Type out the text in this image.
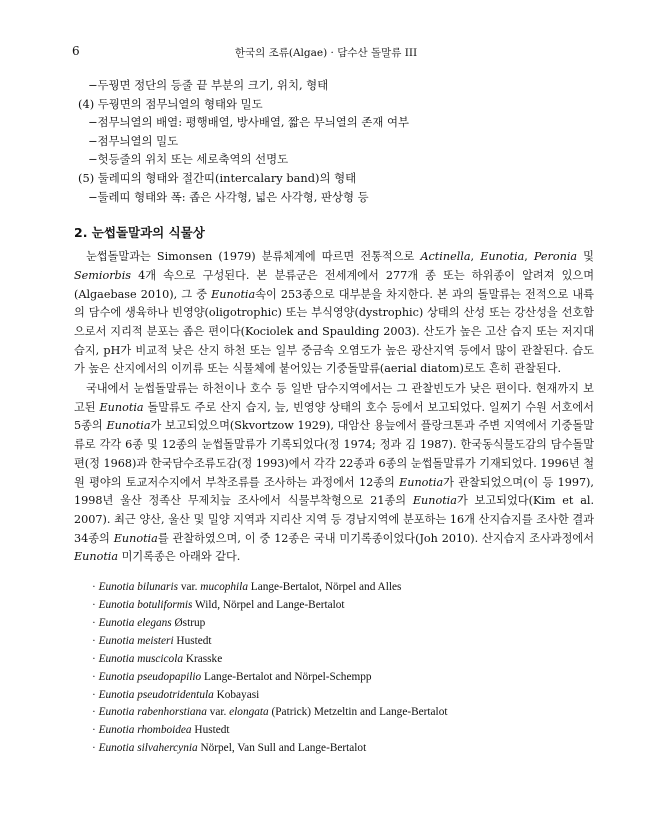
6	한국의 조류(Algae) · 담수산 돌말류 III
−두꿩면 정단의 등줄 끝 부분의 크기, 위치, 형태
(4) 두꿩면의 점무늬열의 형태와 밀도
−점무늬열의 배열: 평행배열, 방사배열, 짧은 무늬열의 존재 여부
−점무늬열의 밀도
−헛등줄의 위치 또는 세로축역의 선명도
(5) 둘레띠의 형태와 절간띠(intercalary band)의 형태
−둘레띠 형태와 폭: 좁은 사각형, 넓은 사각형, 판상형 등
2. 눈썹돌말과의 식물상

눈썹돌말과는 Simonsen (1979) 분류체계에 따르면 전통적으로 Actinella, Eunotia, Peronia 및 Semiorbis 4개 속으로 구성된다. 본 분류군은 전세계에서 277개 종 또는 하위종이 알려져 있으며(Algaebase 2010), 그 중 Eunotia속이 253종으로 대부분을 차지한다. 본 과의 돌말류는 전적으로 내륙의 담수에 생육하나 빈영양(oligotrophic) 또는 부식영양(dystrophic) 상태의 산성 또는 강산성을 선호함으로서 지리적 분포는 좁은 편이다(Kociolek and Spaulding 2003). 산도가 높은 고산 습지 또는 저지대 습지, pH가 비교적 낮은 산지 하천 또는 일부 중금속 오염도가 높은 광산지역 등에서 많이 관찰된다. 습도가 높은 산지에서의 이끼류 또는 식물체에 붙어있는 기중돌말류(aerial diatom)로도 흔히 관찰된다.

국내에서 눈썹돌말류는 하천이나 호수 등 일반 담수지역에서는 그 관찰빈도가 낮은 편이다. 현재까지 보고된 Eunotia 돌말류도 주로 산지 습지, 늪, 빈영양 상태의 호수 등에서 보고되었다. 일찌기 수원 서호에서 5종의 Eunotia가 보고되었으며(Skvortzow 1929), 대암산 용늪에서 플랑크톤과 주변 지역에서 기중돌말류로 각각 6종 및 12종의 눈썹돌말류가 기록되었다(정 1974; 정과 김 1987). 한국동식물도감의 담수돌말편(정 1968)과 한국담수조류도감(정 1993)에서 각각 22종과 6종의 눈썹돌말류가 기재되었다. 1996년 철원 평야의 토교저수지에서 부착조류를 조사하는 과정에서 12종의 Eunotia가 관찰되었으며(이 등 1997), 1998년 울산 정족산 무제치늪 조사에서 식물부착형으로 21종의 Eunotia가 보고되었다(Kim et al. 2007). 최근 양산, 울산 및 밀양 지역과 지리산 지역 등 경남지역에 분포하는 16개 산지습지를 조사한 결과 34종의 Eunotia를 관찰하였으며, 이 중 12종은 국내 미기록종이었다(Joh 2010). 산지습지 조사과정에서 Eunotia 미기록종은 아래와 같다.

· Eunotia bilunaris var. mucophila Lange-Bertalot, Nörpel and Alles
· Eunotia botuliformis Wild, Nörpel and Lange-Bertalot
· Eunotia elegans Østrup
· Eunotia meisteri Hustedt
· Eunotia muscicola Krasske
· Eunotia pseudopapilio Lange-Bertalot and Nörpel-Schempp
· Eunotia pseudotridentula Kobayasi
· Eunotia rabenhorstiana var. elongata (Patrick) Metzeltin and Lange-Bertalot
· Eunotia rhomboidea Hustedt
· Eunotia silvahercynia Nörpel, Van Sull and Lange-Bertalot
